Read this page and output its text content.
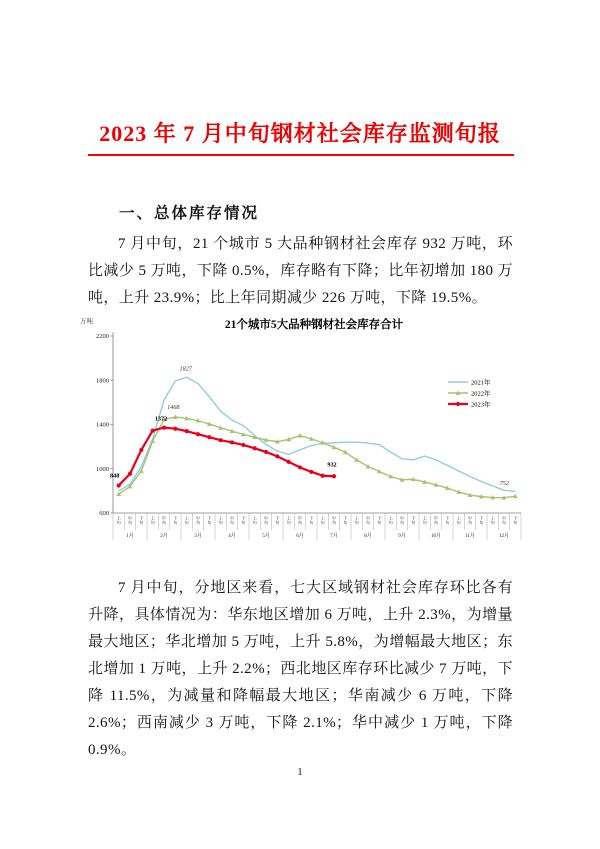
2023 年 7 月中旬钢材社会库存监测旬报
一、总体库存情况

7 月中旬，21 个城市 5 大品种钢材社会库存 932 万吨，环比减少 5 万吨，下降 0.5%，库存略有下降；比年初增加 180 万吨，上升 23.9%；比上年同期减少 226 万吨，下降 19.5%。

21个城市5大品种钢材社会库存合计
万吨
2200
1800
1400
1000
600
1月
上旬
中旬
下旬
2月
上旬
中旬
下旬
3月
上旬
中旬
下旬
4月
上旬
中旬
下旬
5月
上旬
中旬
下旬
6月
上旬
中旬
下旬
7月
上旬
中旬
下旬
8月
上旬
中旬
下旬
9月
上旬
中旬
下旬
10月
上旬
中旬
下旬
11月
上旬
中旬
下旬
12月
上旬
中旬
下旬
848
1372
1468
1827
932
752
2021年
2022年
2023年

7 月中旬，分地区来看，七大区域钢材社会库存环比各有升降，具体情况为：华东地区增加 6 万吨，上升 2.3%，为增量最大地区；华北增加 5 万吨，上升 5.8%，为增幅最大地区；东北增加 1 万吨，上升 2.2%；西北地区库存环比减少 7 万吨，下降 11.5%，为减量和降幅最大地区；华南减少 6 万吨，下降 2.6%；西南减少 3 万吨，下降 2.1%；华中减少 1 万吨，下降 0.9%。

1
